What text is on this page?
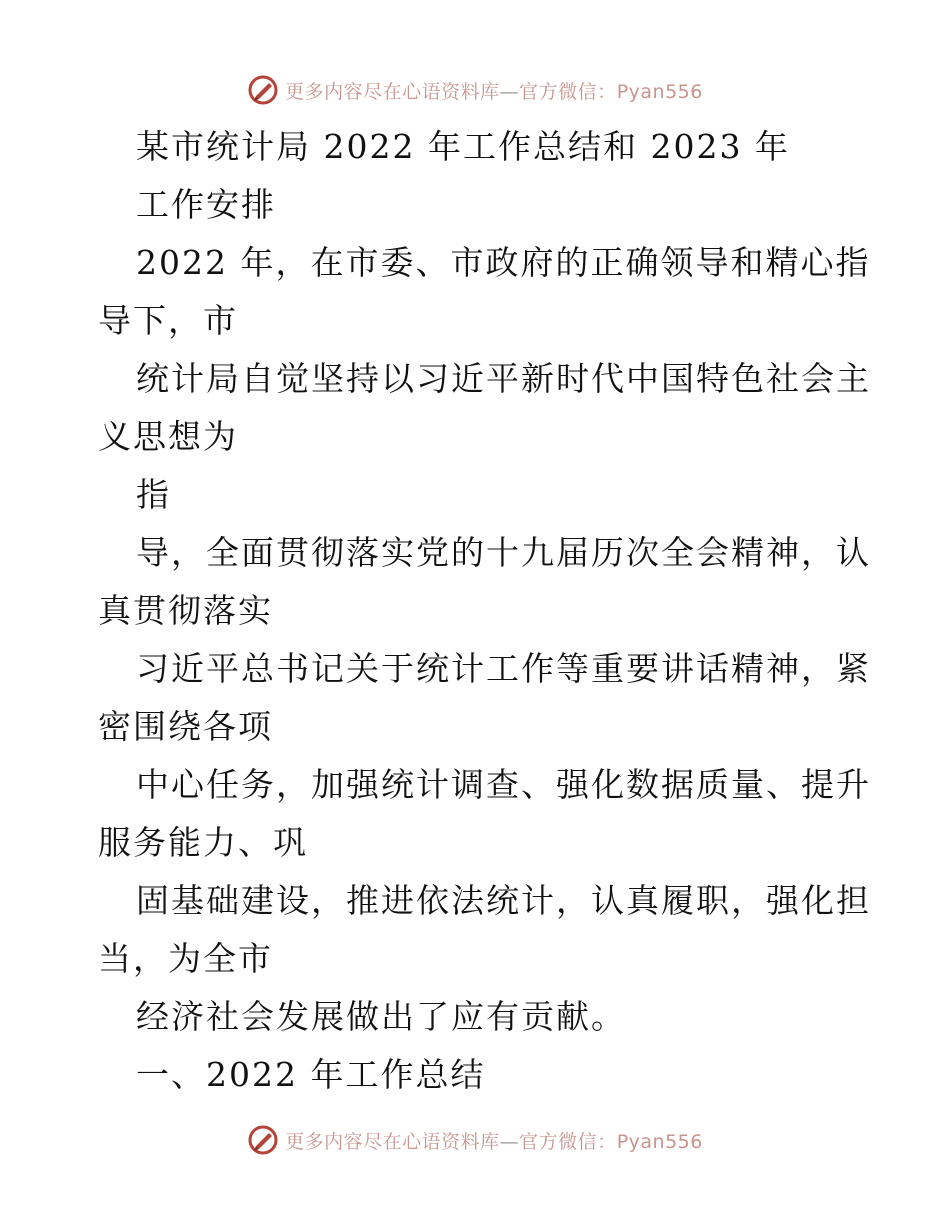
更多内容尽在心语资料库—官方微信：Pyan556
某市统计局 2022 年工作总结和 2023 年
工作安排
2022 年，在市委、市政府的正确领导和精心指
导下，市
统计局自觉坚持以习近平新时代中国特色社会主
义思想为
指
导，全面贯彻落实党的十九届历次全会精神，认
真贯彻落实
习近平总书记关于统计工作等重要讲话精神，紧
密围绕各项
中心任务，加强统计调查、强化数据质量、提升
服务能力、巩
固基础建设，推进依法统计，认真履职，强化担
当，为全市
经济社会发展做出了应有贡献。
一、2022 年工作总结
更多内容尽在心语资料库—官方微信：Pyan556
